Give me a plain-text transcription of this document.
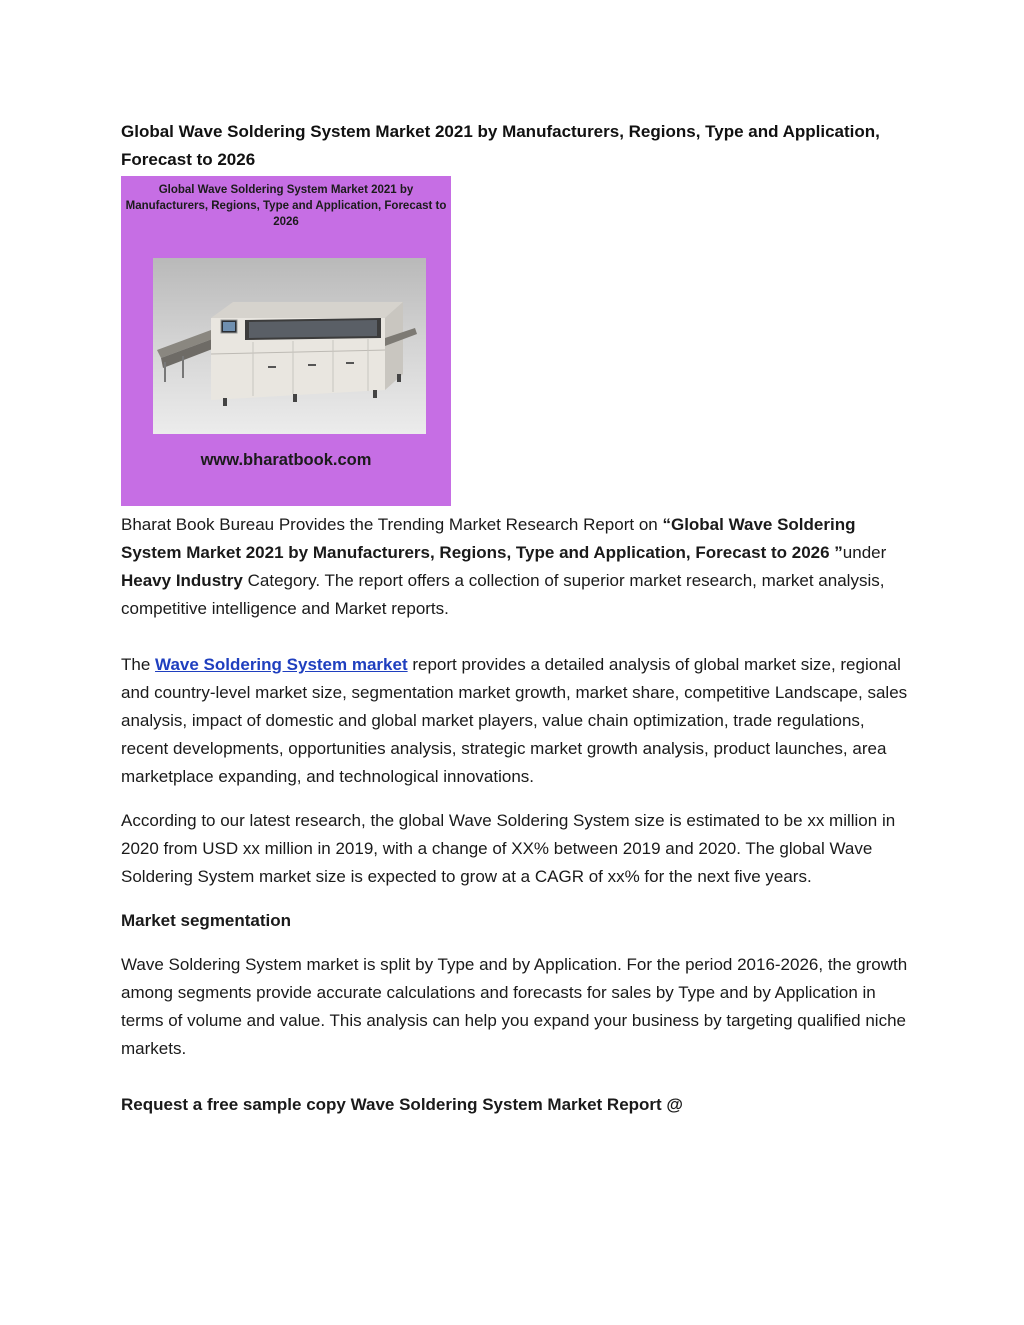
Global Wave Soldering System Market 2021 by Manufacturers, Regions, Type and Application, Forecast to 2026
Global Wave Soldering System Market 2021 by Manufacturers, Regions, Type and Application, Forecast to 2026
www.bharatbook.com

Bharat Book Bureau Provides the Trending Market Research Report on “Global Wave Soldering System Market 2021 by Manufacturers, Regions, Type and Application, Forecast to 2026 ”under Heavy Industry Category. The report offers a collection of superior market research, market analysis, competitive intelligence and Market reports.

The Wave Soldering System market report provides a detailed analysis of global market size, regional and country-level market size, segmentation market growth, market share, competitive Landscape, sales analysis, impact of domestic and global market players, value chain optimization, trade regulations, recent developments, opportunities analysis, strategic market growth analysis, product launches, area marketplace expanding, and technological innovations.

According to our latest research, the global Wave Soldering System size is estimated to be xx million in 2020 from USD xx million in 2019, with a change of XX% between 2019 and 2020. The global Wave Soldering System market size is expected to grow at a CAGR of xx% for the next five years.

Market segmentation

Wave Soldering System market is split by Type and by Application. For the period 2016-2026, the growth among segments provide accurate calculations and forecasts for sales by Type and by Application in terms of volume and value. This analysis can help you expand your business by targeting qualified niche markets.

Request a free sample copy Wave Soldering System Market Report @
